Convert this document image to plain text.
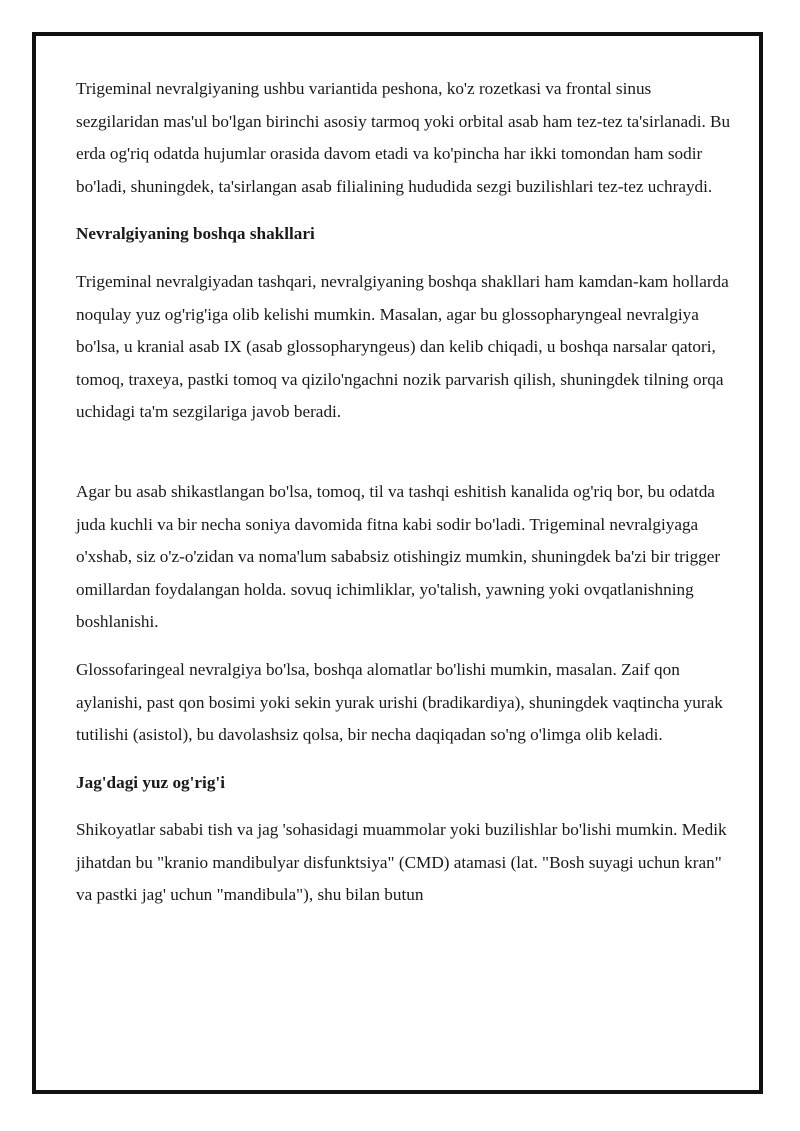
Trigeminal nevralgiyaning ushbu variantida peshona, ko'z rozetkasi va frontal sinus sezgilaridan mas'ul bo'lgan birinchi asosiy tarmoq yoki orbital asab ham tez-tez ta'sirlanadi. Bu erda og'riq odatda hujumlar orasida davom etadi va ko'pincha har ikki tomondan ham sodir bo'ladi, shuningdek, ta'sirlangan asab filialining hududida sezgi buzilishlari tez-tez uchraydi.

Nevralgiyaning boshqa shakllari

Trigeminal nevralgiyadan tashqari, nevralgiyaning boshqa shakllari ham kamdan-kam hollarda noqulay yuz og'rig'iga olib kelishi mumkin. Masalan, agar bu glossopharyngeal nevralgiya bo'lsa, u kranial asab IX (asab glossopharyngeus) dan kelib chiqadi, u boshqa narsalar qatori, tomoq, traxeya, pastki tomoq va qizilo'ngachni nozik parvarish qilish, shuningdek tilning orqa uchidagi ta'm sezgilariga javob beradi.

Agar bu asab shikastlangan bo'lsa, tomoq, til va tashqi eshitish kanalida og'riq bor, bu odatda juda kuchli va bir necha soniya davomida fitna kabi sodir bo'ladi. Trigeminal nevralgiyaga o'xshab, siz o'z-o'zidan va noma'lum sababsiz otishingiz mumkin, shuningdek ba'zi bir trigger omillardan foydalangan holda. sovuq ichimliklar, yo'talish, yawning yoki ovqatlanishning boshlanishi.

Glossofaringeal nevralgiya bo'lsa, boshqa alomatlar bo'lishi mumkin, masalan. Zaif qon aylanishi, past qon bosimi yoki sekin yurak urishi (bradikardiya), shuningdek vaqtincha yurak tutilishi (asistol), bu davolashsiz qolsa, bir necha daqiqadan so'ng o'limga olib keladi.

Jag'dagi yuz og'rig'i

Shikoyatlar sababi tish va jag 'sohasidagi muammolar yoki buzilishlar bo'lishi mumkin. Medik jihatdan bu "kranio mandibulyar disfunktsiya" (CMD) atamasi (lat. "Bosh suyagi uchun kran" va pastki jag' uchun "mandibula"), shu bilan butun
